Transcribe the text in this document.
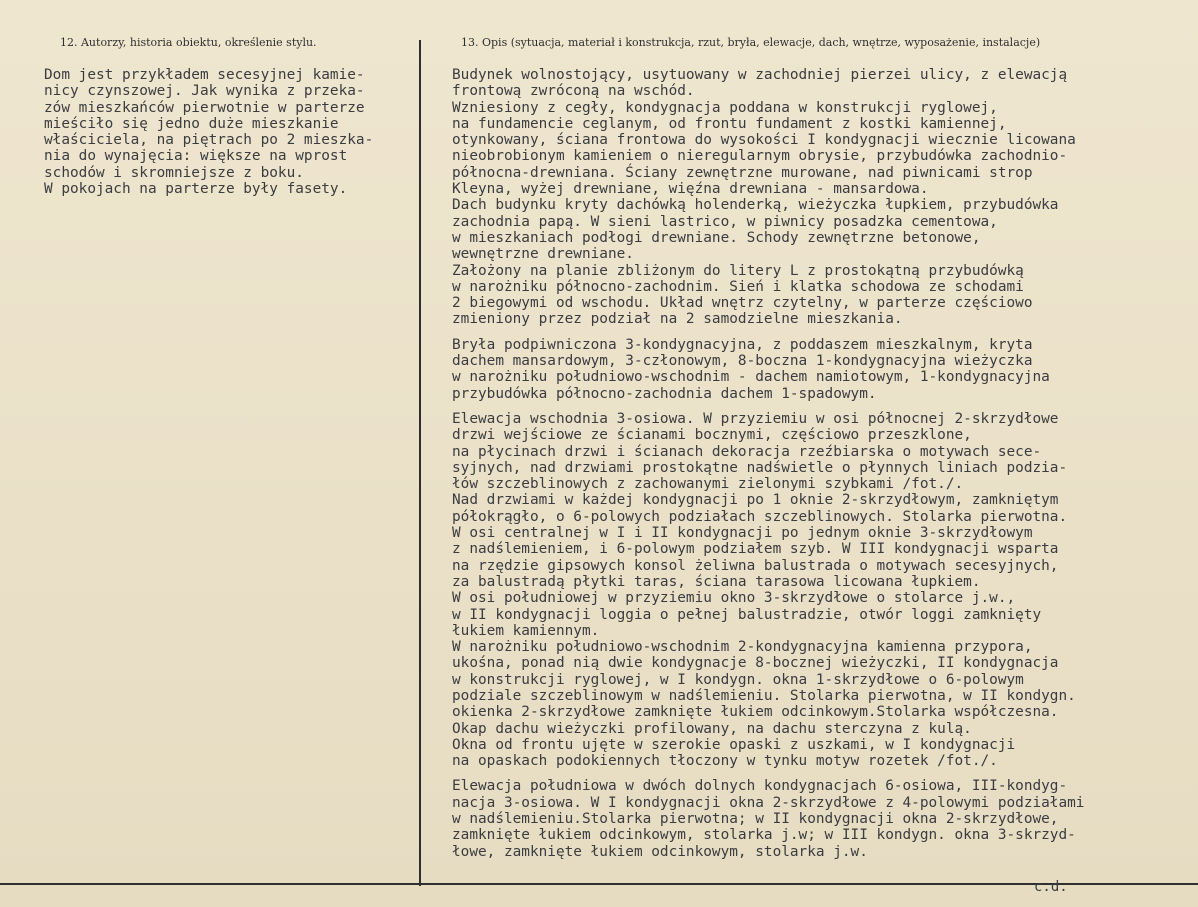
12. Autorzy, historia obiektu, określenie stylu.	13. Opis (sytuacja, materiał i konstrukcja, rzut, bryła, elewacje, dach, wnętrze, wyposażenie, instalacje)
Dom jest przykładem secesyjnej kamie-
nicy czynszowej. Jak wynika z przeka-
zów mieszkańców pierwotnie w parterze
mieściło się jedno duże mieszkanie
właściciela, na piętrach po 2 mieszka-
nia do wynajęcia: większe na wprost
schodów i skromniejsze z boku.
W pokojach na parterze były fasety.
Budynek wolnostojący, usytuowany w zachodniej pierzei ulicy, z elewacją
frontową zwróconą na wschód.
Wzniesiony z cegły, kondygnacja poddana w konstrukcji ryglowej,
na fundamencie ceglanym, od frontu fundament z kostki kamiennej,
otynkowany, ściana frontowa do wysokości I kondygnacji wiecznie licowana
nieobrobionym kamieniem o nieregularnym obrysie, przybudówka zachodnio-
północna-drewniana. Ściany zewnętrzne murowane, nad piwnicami strop
Kleyna, wyżej drewniane, więźna drewniana - mansardowa.
Dach budynku kryty dachówką holenderką, wieżyczka łupkiem, przybudówka
zachodnia papą. W sieni lastrico, w piwnicy posadzka cementowa,
w mieszkaniach podłogi drewniane. Schody zewnętrzne betonowe,
wewnętrzne drewniane.
Założony na planie zbliżonym do litery L z prostokątną przybudówką
w narożniku północno-zachodnim. Sień i klatka schodowa ze schodami
2 biegowymi od wschodu. Układ wnętrz czytelny, w parterze częściowo
zmieniony przez podział na 2 samodzielne mieszkania.
Bryła podpiwniczona 3-kondygnacyjna, z poddaszem mieszkalnym, kryta
dachem mansardowym, 3-członowym, 8-boczna 1-kondygnacyjna wieżyczka
w narożniku południowo-wschodnim - dachem namiotowym, 1-kondygnacyjna
przybudówka północno-zachodnia dachem 1-spadowym.
Elewacja wschodnia 3-osiowa. W przyziemiu w osi północnej 2-skrzydłowe
drzwi wejściowe ze ścianami bocznymi, częściowo przeszklone,
na płycinach drzwi i ścianach dekoracja rzeźbiarska o motywach sece-
syjnych, nad drzwiami prostokątne nadświetle o płynnych liniach podzia-
łów szczeblinowych z zachowanymi zielonymi szybkami /fot./.
Nad drzwiami w każdej kondygnacji po 1 oknie 2-skrzydłowym, zamkniętym
półokrągło, o 6-polowych podziałach szczeblinowych. Stolarka pierwotna.
W osi centralnej w I i II kondygnacji po jednym oknie 3-skrzydłowym
z nadślemieniem, i 6-polowym podziałem szyb. W III kondygnacji wsparta
na rzędzie gipsowych konsol żeliwna balustrada o motywach secesyjnych,
za balustradą płytki taras, ściana tarasowa licowana łupkiem.
W osi południowej w przyziemiu okno 3-skrzydłowe o stolarce j.w.,
w II kondygnacji loggia o pełnej balustradzie, otwór loggi zamknięty
łukiem kamiennym.
W narożniku południowo-wschodnim 2-kondygnacyjna kamienna przypora,
ukośna, ponad nią dwie kondygnacje 8-bocznej wieżyczki, II kondygnacja
w konstrukcji ryglowej, w I kondygn. okna 1-skrzydłowe o 6-polowym
podziale szczeblinowym w nadślemieniu. Stolarka pierwotna, w II kondygn.
okienka 2-skrzydłowe zamknięte łukiem odcinkowym.Stolarka współczesna.
Okap dachu wieżyczki profilowany, na dachu sterczyna z kulą.
Okna od frontu ujęte w szerokie opaski z uszkami, w I kondygnacji
na opaskach podokiennych tłoczony w tynku motyw rozetek /fot./.
Elewacja południowa w dwóch dolnych kondygnacjach 6-osiowa, III-kondyg-
nacja 3-osiowa. W I kondygnacji okna 2-skrzydłowe z 4-polowymi podziałami
w nadślemieniu.Stolarka pierwotna; w II kondygnacji okna 2-skrzydłowe,
zamknięte łukiem odcinkowym, stolarka j.w; w III kondygn. okna 3-skrzyd-
łowe, zamknięte łukiem odcinkowym, stolarka j.w.
c.d.
